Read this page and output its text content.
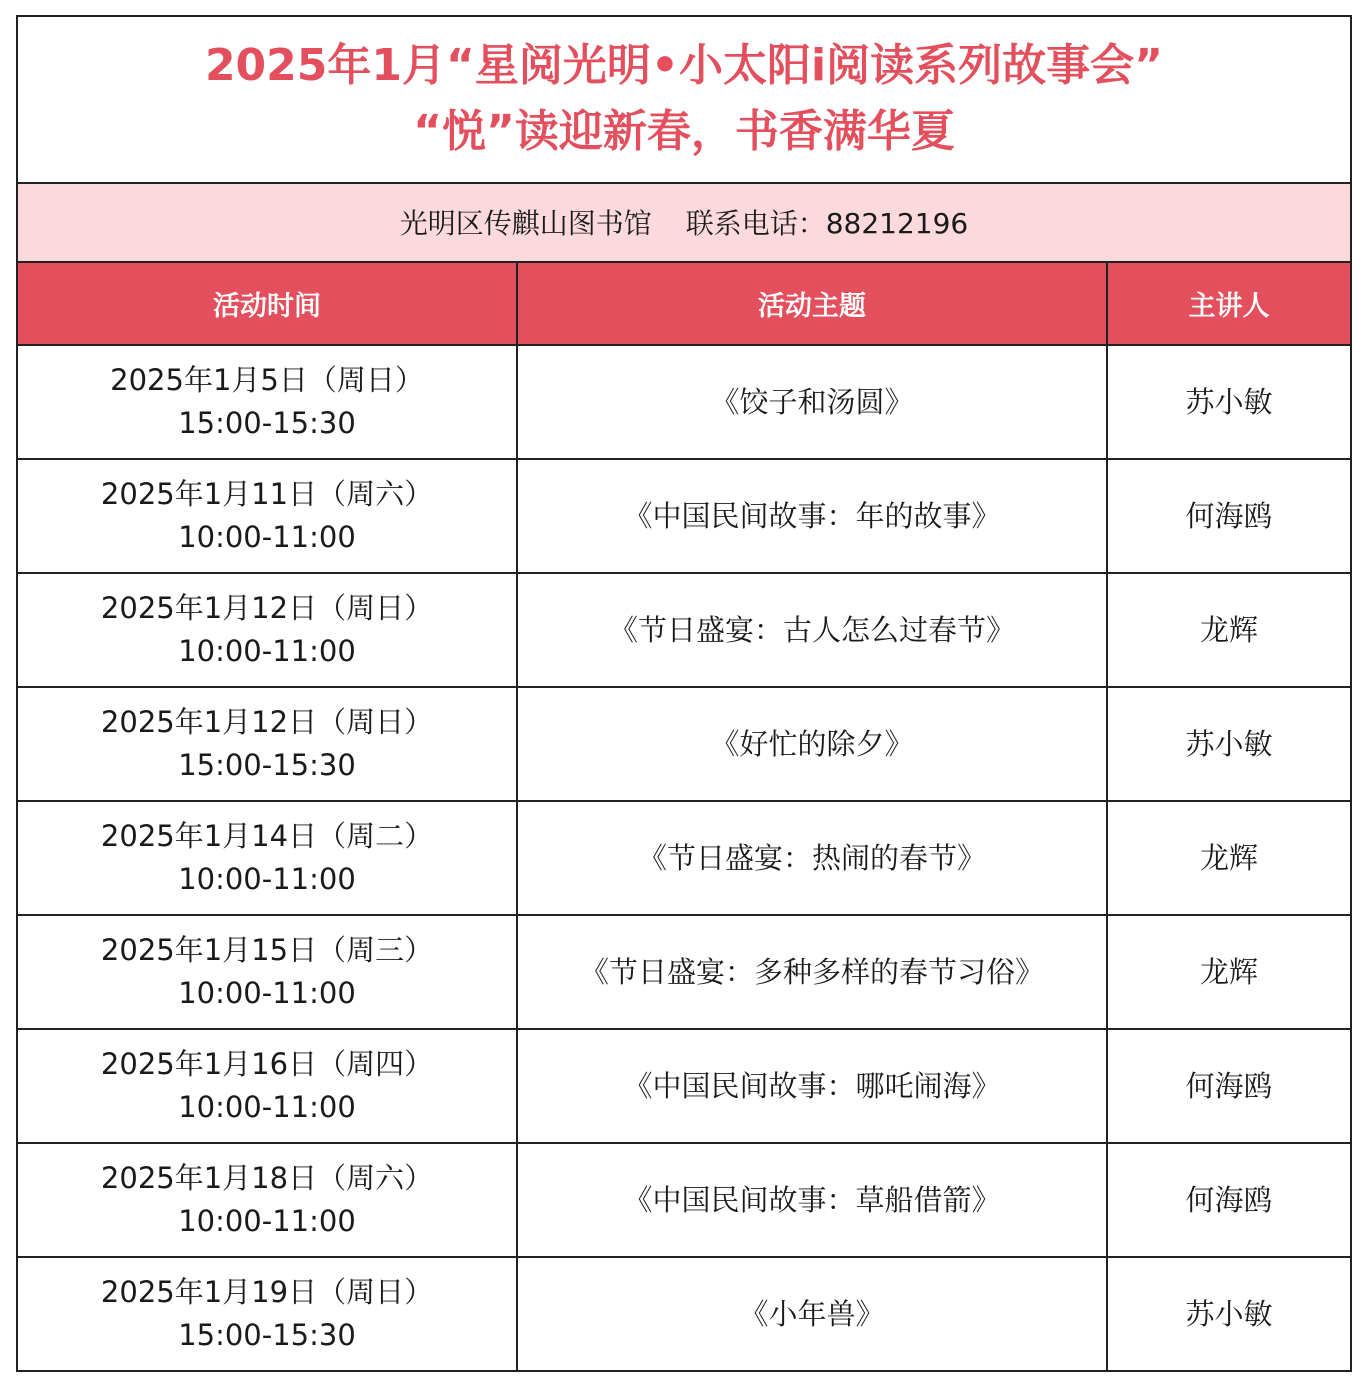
2025年1月“星阅光明•小太阳i阅读系列故事会”
“悦”读迎新春，书香满华夏
光明区传麒山图书馆 联系电话：88212196
活动时间	活动主题	主讲人

2025年1月5日（周日）
15:00-15:30	《饺子和汤圆》	苏小敏

2025年1月11日（周六）
10:00-11:00	《中国民间故事：年的故事》	何海鸥

2025年1月12日（周日）
10:00-11:00	《节日盛宴：古人怎么过春节》	龙辉

2025年1月12日（周日）
15:00-15:30	《好忙的除夕》	苏小敏

2025年1月14日（周二）
10:00-11:00	《节日盛宴：热闹的春节》	龙辉

2025年1月15日（周三）
10:00-11:00	《节日盛宴：多种多样的春节习俗》	龙辉

2025年1月16日（周四）
10:00-11:00	《中国民间故事：哪吒闹海》	何海鸥

2025年1月18日（周六）
10:00-11:00	《中国民间故事：草船借箭》	何海鸥

2025年1月19日（周日）
15:00-15:30	《小年兽》	苏小敏
